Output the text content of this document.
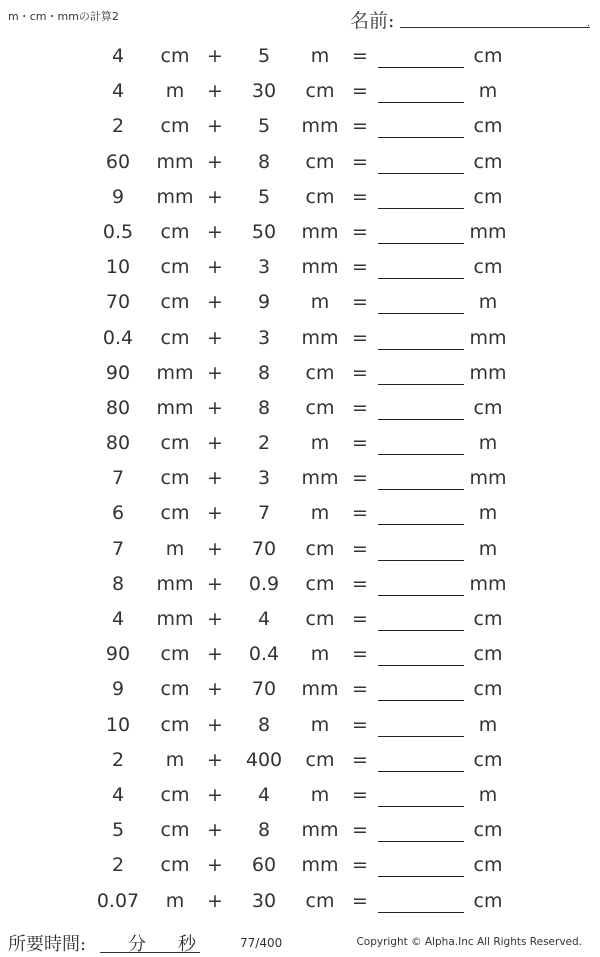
m・cm・mmの計算2	名前:	.
4	cm +	5	m	=	cm
4	m	+	30	cm =	m
2	cm +	5	mm =	cm
60	mm +	8	cm =	cm
9	mm +	5	cm =	cm
0.5	cm +	50	mm =	mm
10	cm +	3	mm =	cm
70	cm +	9	m	=	m
0.4	cm +	3	mm =	mm
90	mm +	8	cm =	mm
80	mm +	8	cm =	cm
80	cm +	2	m	=	m
7	cm +	3	mm =	mm
6	cm +	7	m	=	m
7	m	+	70	cm =	m
8	mm +	0.9	cm =	mm
4	mm +	4	cm =	cm
90	cm +	0.4	m	=	cm
9	cm +	70	mm =	cm
10	cm +	8	m	=	m
2	m	+	400	cm =	cm
4	cm +	4	m	=	m
5	cm +	8	mm =	cm
2	cm +	60	mm =	cm
0.07	m	+	30	cm =	cm
所要時間: 分 秒	77/400	Copyright © Alpha.Inc All Rights Reserved.
